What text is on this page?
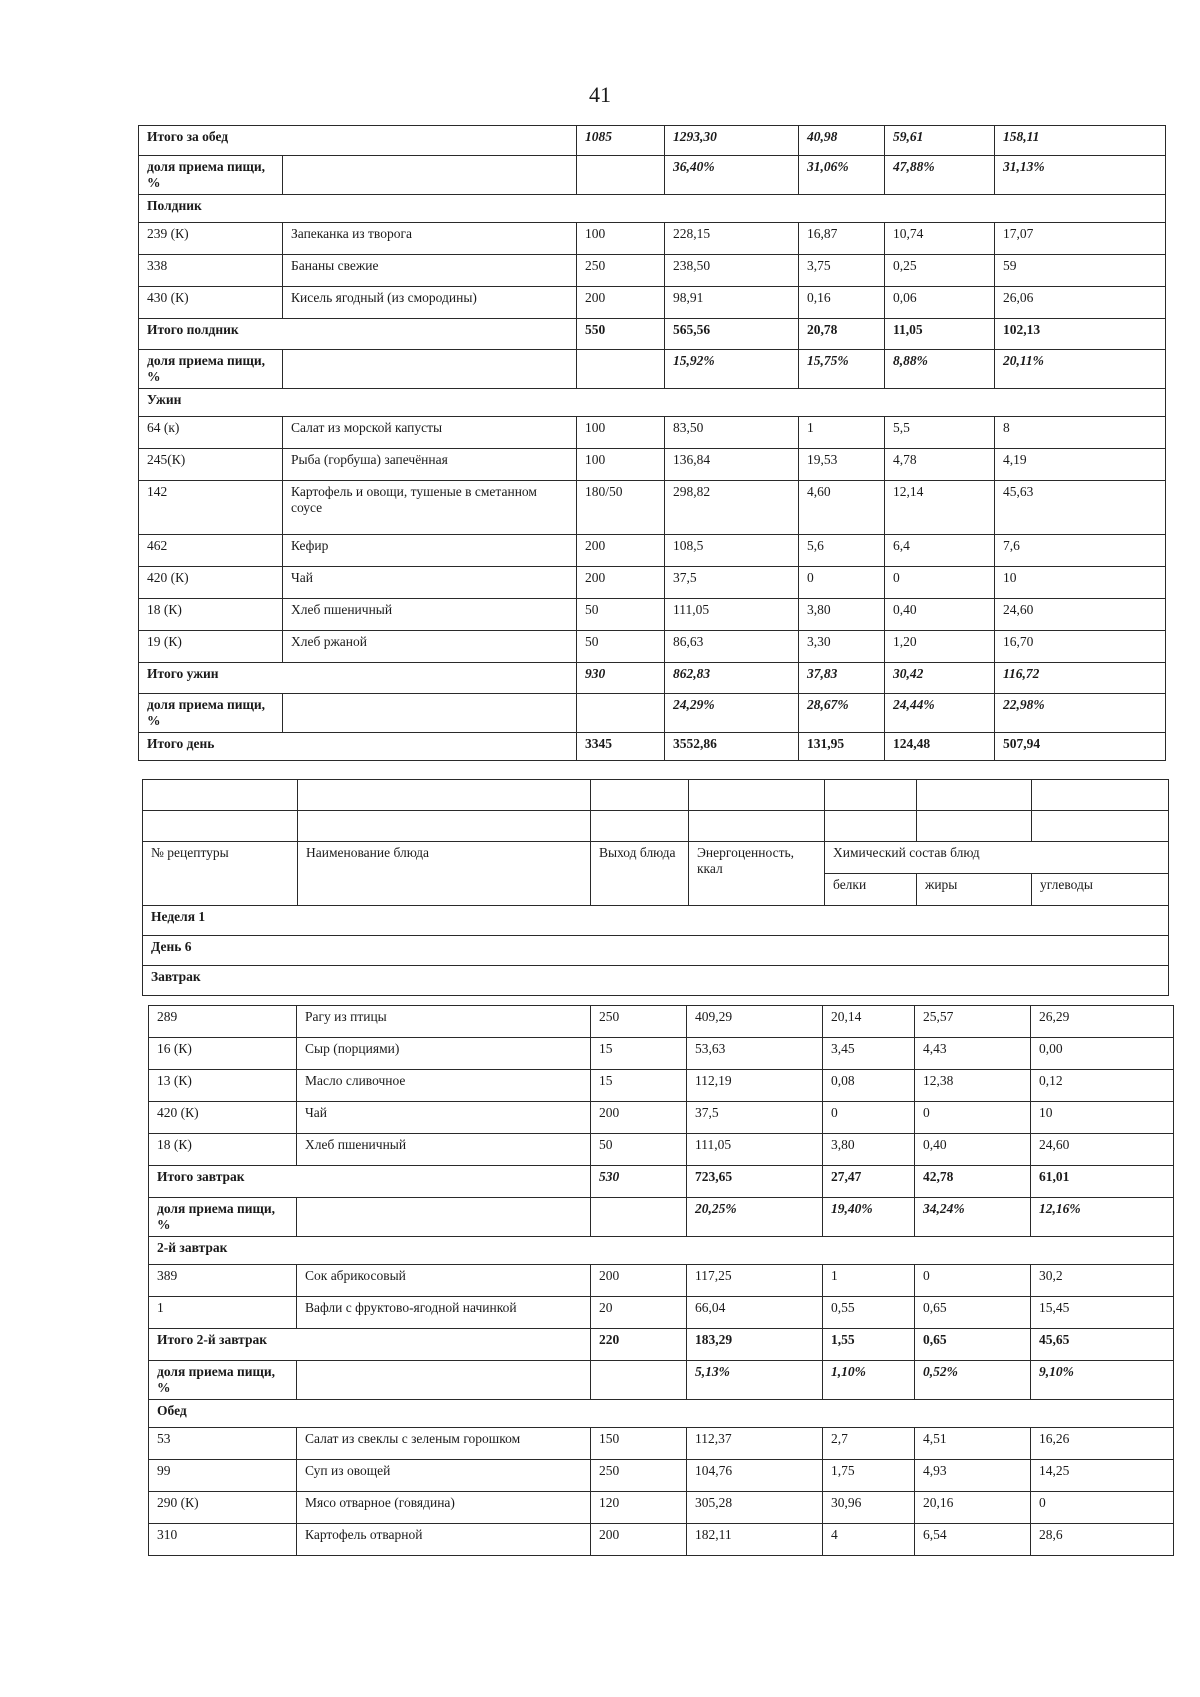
41
Итого за обед		1085	1293,30	40,98	59,61	158,11
доля приема пищи, %			36,40%	31,06%	47,88%	31,13%
Полдник						
239 (К)	Запеканка из творога	100	228,15	16,87	10,74	17,07
338	Бананы свежие	250	238,50	3,75	0,25	59
430 (К)	Кисель ягодный (из смородины)	200	98,91	0,16	0,06	26,06
Итого полдник		550	565,56	20,78	11,05	102,13
доля приема пищи, %			15,92%	15,75%	8,88%	20,11%
Ужин						
64 (к)	Салат из морской капусты	100	83,50	1	5,5	8
245(К)	Рыба (горбуша) запечённая	100	136,84	19,53	4,78	4,19
142	Картофель и овощи, тушеные в сметанном соусе	180/50	298,82	4,60	12,14	45,63
462	Кефир	200	108,5	5,6	6,4	7,6
420 (К)	Чай	200	37,5	0	0	10
18 (К)	Хлеб пшеничный	50	111,05	3,80	0,40	24,60
19 (К)	Хлеб ржаной	50	86,63	3,30	1,20	16,70
Итого ужин		930	862,83	37,83	30,42	116,72
доля приема пищи, %			24,29%	28,67%	24,44%	22,98%
Итого день		3345	3552,86	131,95	124,48	507,94

№ рецептуры	Наименование блюда	Выход блюда	Энергоценность, ккал	Химический состав блюд		
				белки	жиры	углеводы
Неделя 1						
День 6						
Завтрак						
289	Рагу из птицы	250	409,29	20,14	25,57	26,29
16 (К)	Сыр (порциями)	15	53,63	3,45	4,43	0,00
13 (К)	Масло сливочное	15	112,19	0,08	12,38	0,12
420 (К)	Чай	200	37,5	0	0	10
18 (К)	Хлеб пшеничный	50	111,05	3,80	0,40	24,60
Итого завтрак		530	723,65	27,47	42,78	61,01
доля приема пищи, %			20,25%	19,40%	34,24%	12,16%
2-й завтрак						
389	Сок абрикосовый	200	117,25	1	0	30,2
1	Вафли с фруктово-ягодной начинкой	20	66,04	0,55	0,65	15,45
Итого 2-й завтрак		220	183,29	1,55	0,65	45,65
доля приема пищи, %			5,13%	1,10%	0,52%	9,10%
Обед						
53	Салат из свеклы с зеленым горошком	150	112,37	2,7	4,51	16,26
99	Суп из овощей	250	104,76	1,75	4,93	14,25
290 (К)	Мясо отварное (говядина)	120	305,28	30,96	20,16	0
310	Картофель отварной	200	182,11	4	6,54	28,6
